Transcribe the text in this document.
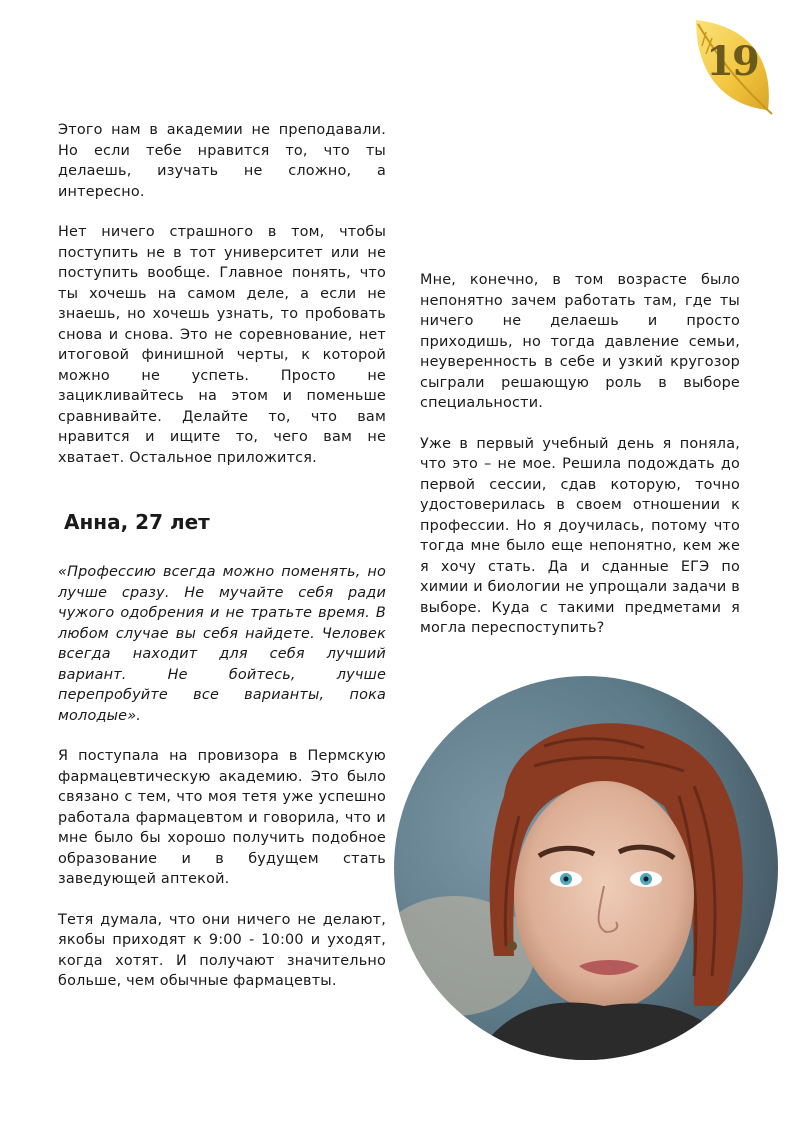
19

Этого нам в академии не преподавали. Но если тебе нравится то, что ты делаешь, изучать не сложно, а интересно.

Нет ничего страшного в том, чтобы поступить не в тот университет или не поступить вообще. Главное понять, что ты хочешь на самом деле, а если не знаешь, но хочешь узнать, то пробовать снова и снова. Это не соревнование, нет итоговой финишной черты, к которой можно не успеть. Просто не зацикливайтесь на этом и поменьше сравнивайте. Делайте то, что вам нравится и ищите то, чего вам не хватает. Остальное приложится.

Анна, 27 лет

«Профессию всегда можно поменять, но лучше сразу. Не мучайте себя ради чужого одобрения и не тратьте время. В любом случае вы себя найдете. Человек всегда находит для себя лучший вариант. Не бойтесь, лучше перепробуйте все варианты, пока молодые».

Я поступала на провизора в Пермскую фармацевтическую академию. Это было связано с тем, что моя тетя уже успешно работала фармацевтом и говорила, что и мне было бы хорошо получить подобное образование и в будущем стать заведующей аптекой.

Тетя думала, что они ничего не делают, якобы приходят к 9:00 - 10:00 и уходят, когда хотят. И получают значительно больше, чем обычные фармацевты.

Мне, конечно, в том возрасте было непонятно зачем работать там, где ты ничего не делаешь и просто приходишь, но тогда давление семьи, неуверенность в себе и узкий кругозор сыграли решающую роль в выборе специальности.

Уже в первый учебный день я поняла, что это – не мое. Решила подождать до первой сессии, сдав которую, точно удостоверилась в своем отношении к профессии. Но я доучилась, потому что тогда мне было еще непонятно, кем же я хочу стать. Да и сданные ЕГЭ по химии и биологии не упрощали задачи в выборе. Куда с такими предметами я могла переспоступить?
